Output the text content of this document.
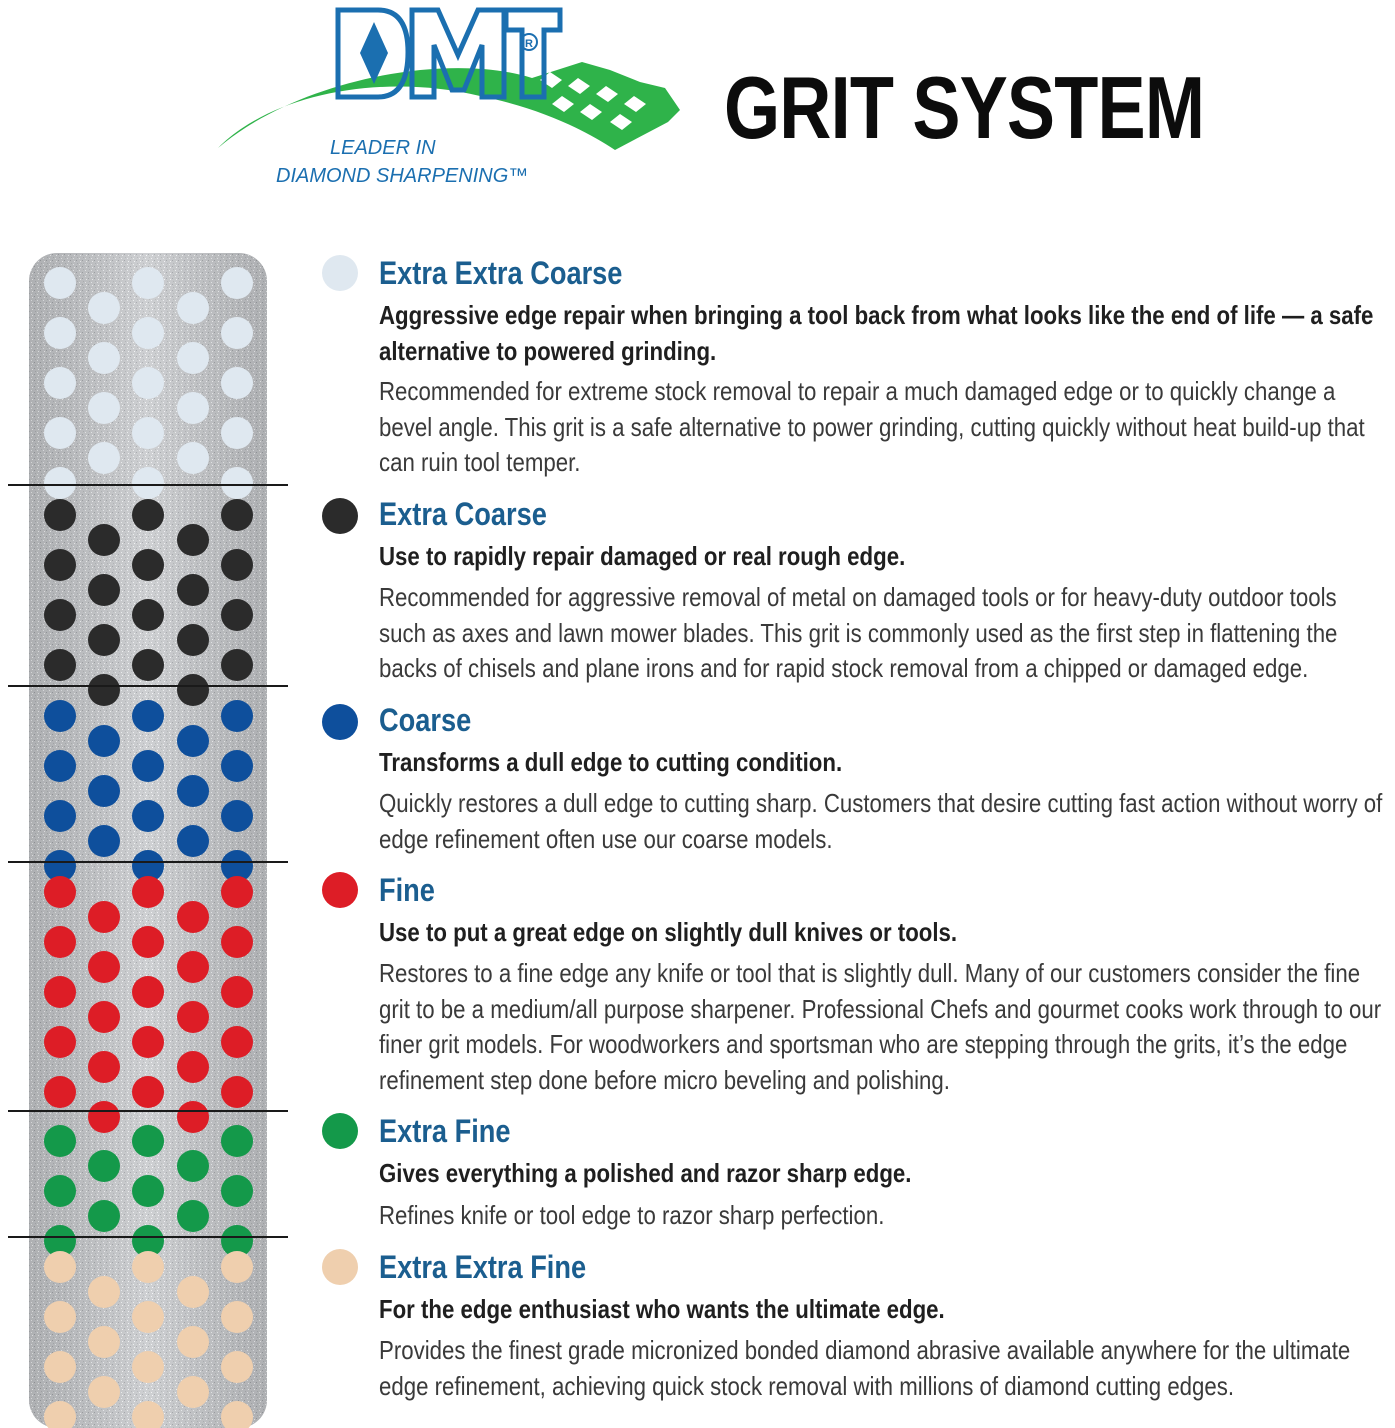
R
LEADER IN DIAMOND SHARPENING™
GRIT SYSTEM
Extra Extra Coarse

Aggressive edge repair when bringing a tool back from what looks like the end of life — a safe alternative to powered grinding.

Recommended for extreme stock removal to repair a much damaged edge or to quickly change a bevel angle. This grit is a safe alternative to power grinding, cutting quickly without heat build-up that can ruin tool temper.

Extra Coarse

Use to rapidly repair damaged or real rough edge.

Recommended for aggressive removal of metal on damaged tools or for heavy-duty outdoor tools such as axes and lawn mower blades. This grit is commonly used as the first step in flattening the backs of chisels and plane irons and for rapid stock removal from a chipped or damaged edge.

Coarse

Transforms a dull edge to cutting condition.

Quickly restores a dull edge to cutting sharp. Customers that desire cutting fast action without worry of edge refinement often use our coarse models.

Fine

Use to put a great edge on slightly dull knives or tools.

Restores to a fine edge any knife or tool that is slightly dull. Many of our customers consider the fine grit to be a medium/all purpose sharpener. Professional Chefs and gourmet cooks work through to our finer grit models. For woodworkers and sportsman who are stepping through the grits, it’s the edge refinement step done before micro beveling and polishing.

Extra Fine

Gives everything a polished and razor sharp edge.

Refines knife or tool edge to razor sharp perfection.

Extra Extra Fine

For the edge enthusiast who wants the ultimate edge.

Provides the finest grade micronized bonded diamond abrasive available anywhere for the ultimate edge refinement, achieving quick stock removal with millions of diamond cutting edges.
